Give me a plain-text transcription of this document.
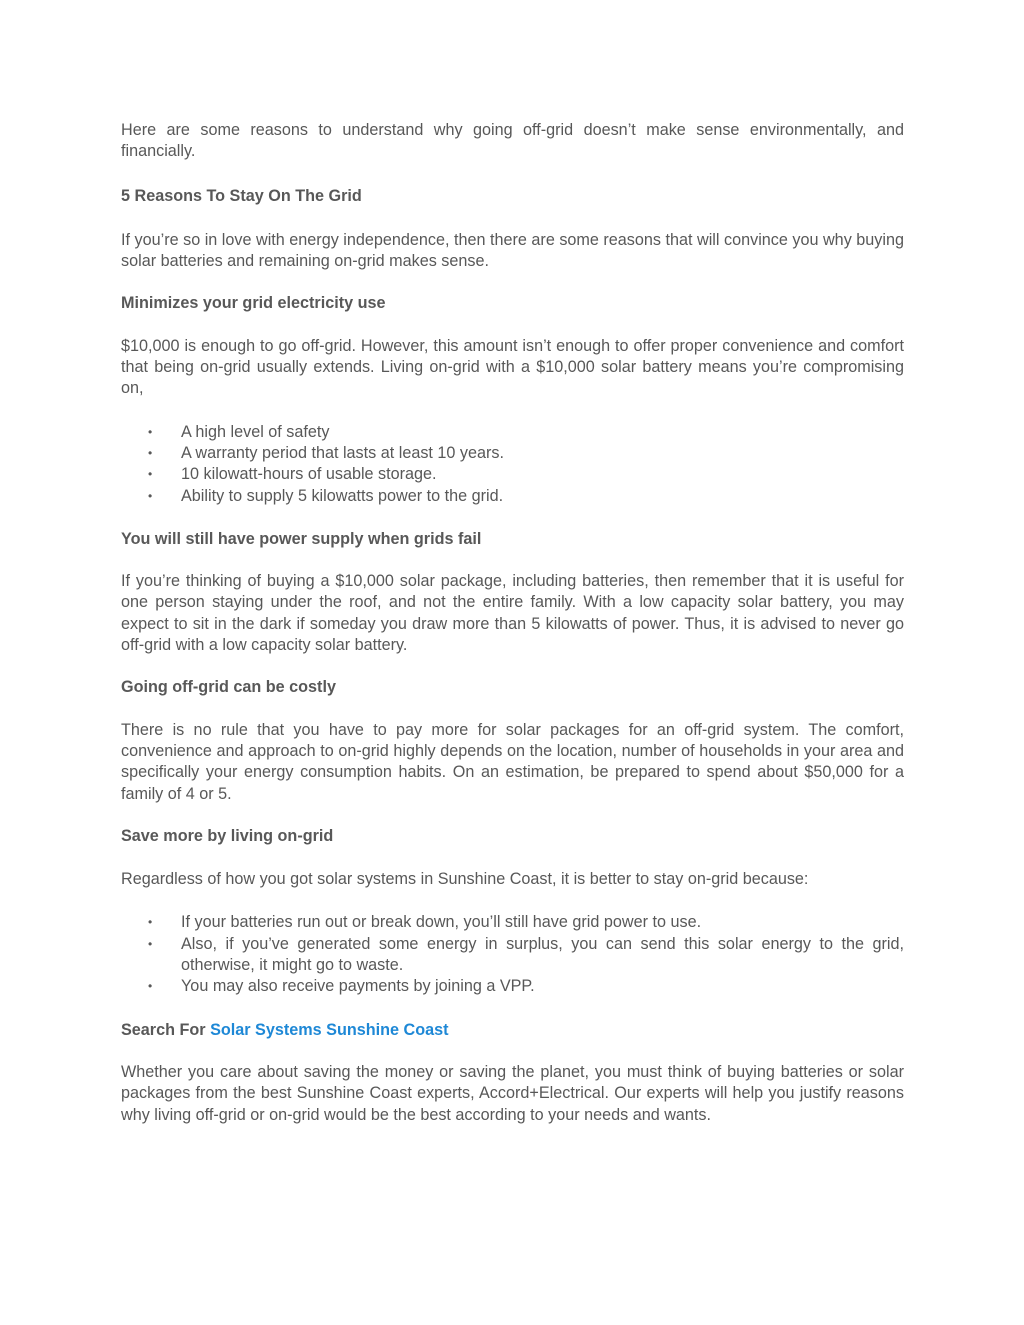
Here are some reasons to understand why going off-grid doesn’t make sense environmentally, and financially.

5 Reasons To Stay On The Grid

If you’re so in love with energy independence, then there are some reasons that will convince you why buying solar batteries and remaining on-grid makes sense.

Minimizes your grid electricity use

$10,000 is enough to go off-grid. However, this amount isn’t enough to offer proper convenience and comfort that being on-grid usually extends. Living on-grid with a $10,000 solar battery means you’re compromising on,

• A high level of safety
• A warranty period that lasts at least 10 years.
• 10 kilowatt-hours of usable storage.
• Ability to supply 5 kilowatts power to the grid.
You will still have power supply when grids fail

If you’re thinking of buying a $10,000 solar package, including batteries, then remember that it is useful for one person staying under the roof, and not the entire family. With a low capacity solar battery, you may expect to sit in the dark if someday you draw more than 5 kilowatts of power. Thus, it is advised to never go off-grid with a low capacity solar battery.

Going off-grid can be costly

There is no rule that you have to pay more for solar packages for an off-grid system. The comfort, convenience and approach to on-grid highly depends on the location, number of households in your area and specifically your energy consumption habits. On an estimation, be prepared to spend about $50,000 for a family of 4 or 5.

Save more by living on-grid

Regardless of how you got solar systems in Sunshine Coast, it is better to stay on-grid because:

• If your batteries run out or break down, you’ll still have grid power to use.
• Also, if you’ve generated some energy in surplus, you can send this solar energy to the grid, otherwise, it might go to waste.
• You may also receive payments by joining a VPP.
Search For Solar Systems Sunshine Coast

Whether you care about saving the money or saving the planet, you must think of buying batteries or solar packages from the best Sunshine Coast experts, Accord+Electrical. Our experts will help you justify reasons why living off-grid or on-grid would be the best according to your needs and wants.
